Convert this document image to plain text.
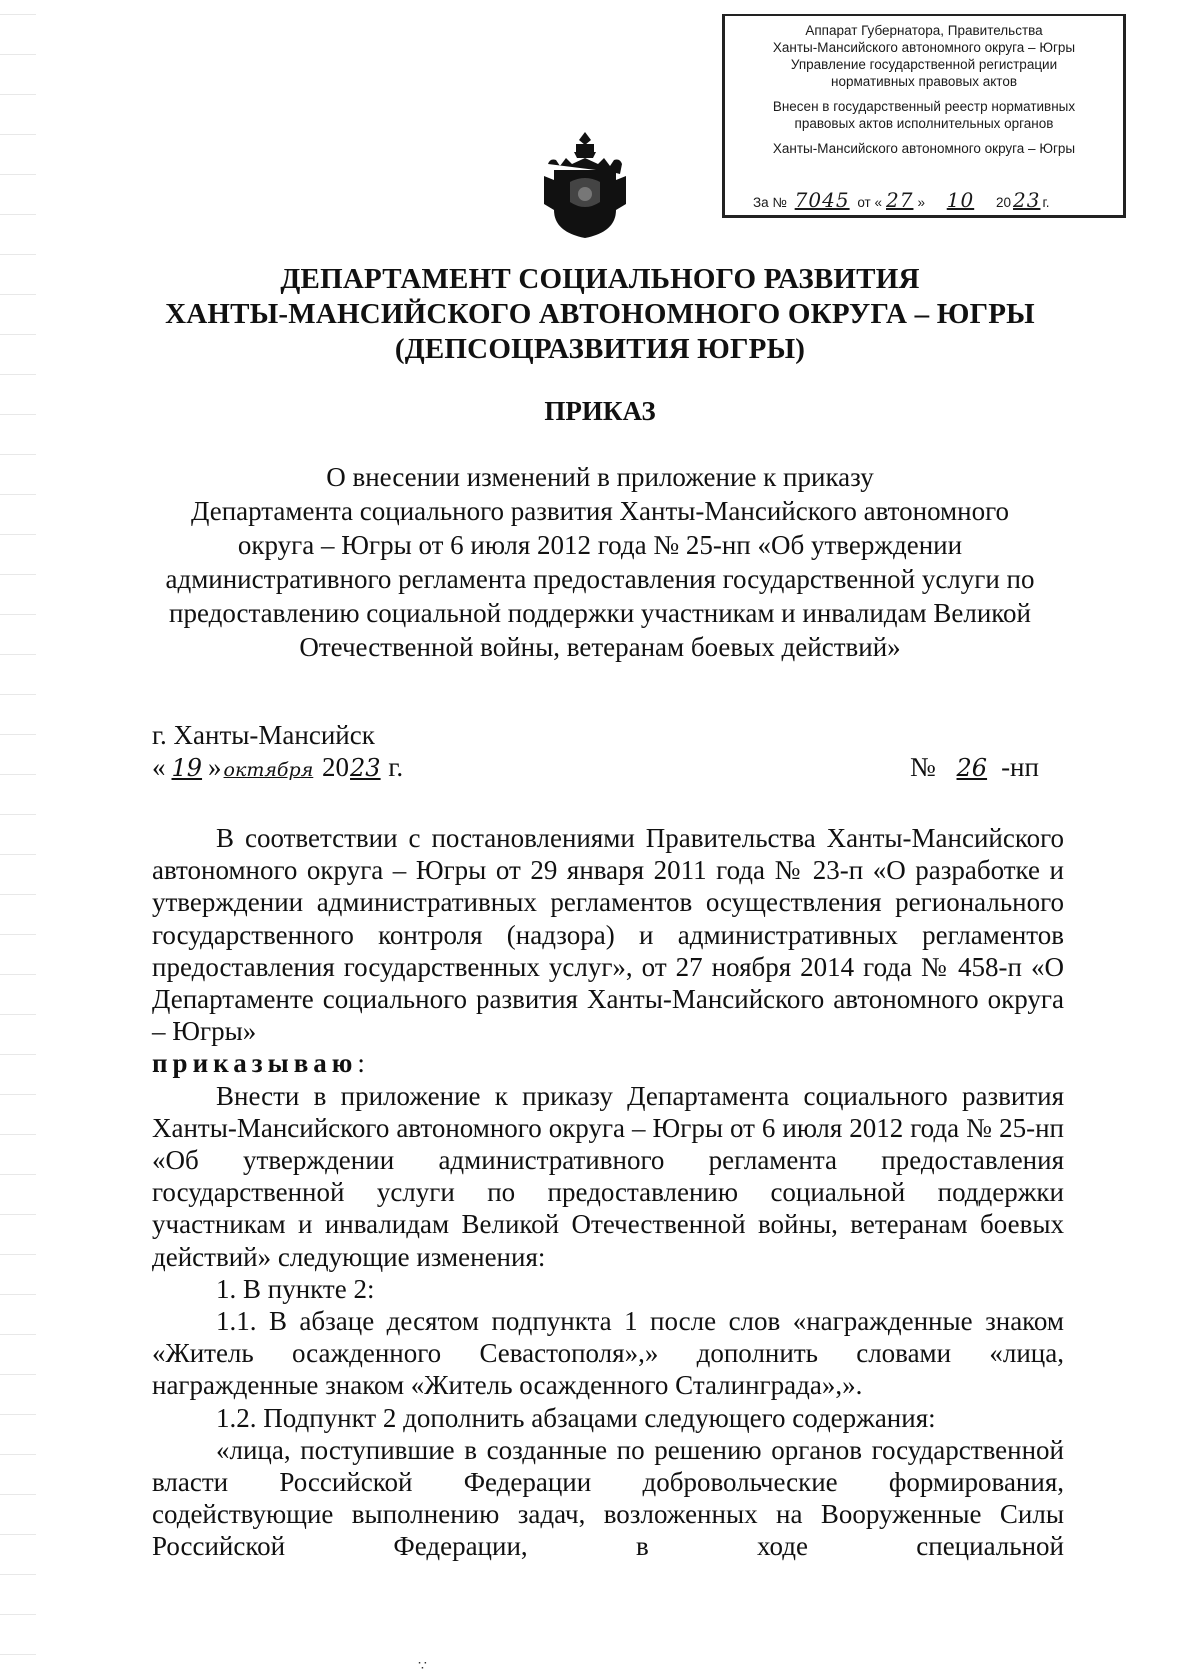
Аппарат Губернатора, Правительства
Ханты-Мансийского автономного округа – Югры
Управление государственной регистрации
нормативных правовых актов
Внесен в государственный реестр нормативных
правовых актов исполнительных органов
Ханты-Мансийского автономного округа – Югры
За № 7045 от « 27 » 10 20 23 г.
ДЕПАРТАМЕНТ СОЦИАЛЬНОГО РАЗВИТИЯ
ХАНТЫ-МАНСИЙСКОГО АВТОНОМНОГО ОКРУГА – ЮГРЫ
(ДЕПСОЦРАЗВИТИЯ ЮГРЫ)
ПРИКАЗ
О внесении изменений в приложение к приказу
Департамента социального развития Ханты-Мансийского автономного
округа – Югры от 6 июля 2012 года № 25-нп «Об утверждении
административного регламента предоставления государственной услуги по
предоставлению социальной поддержки участникам и инвалидам Великой
Отечественной войны, ветеранам боевых действий»
г. Ханты-Мансийск
« 19 » октября 2023 г.	№ 26 -нп

В соответствии с постановлениями Правительства Ханты-Мансийского автономного округа – Югры от 29 января 2011 года № 23-п «О разработке и утверждении административных регламентов осуществления регионального государственного контроля (надзора) и административных регламентов предоставления государственных услуг», от 27 ноября 2014 года № 458-п «О Департаменте социального развития Ханты-Мансийского автономного округа – Югры»

приказываю:

Внести в приложение к приказу Департамента социального развития Ханты-Мансийского автономного округа – Югры от 6 июля 2012 года № 25-нп «Об утверждении административного регламента предоставления государственной услуги по предоставлению социальной поддержки участникам и инвалидам Великой Отечественной войны, ветеранам боевых действий» следующие изменения:

1. В пункте 2:

1.1. В абзаце десятом подпункта 1 после слов «награжденные знаком «Житель осажденного Севастополя»,» дополнить словами «лица, награжденные знаком «Житель осажденного Сталинграда»,».

1.2. Подпункт 2 дополнить абзацами следующего содержания:

«лица, поступившие в созданные по решению органов государственной власти Российской Федерации добровольческие формирования, содействующие выполнению задач, возложенных на Вооруженные Силы Российской Федерации, в ходе специальной

∵
